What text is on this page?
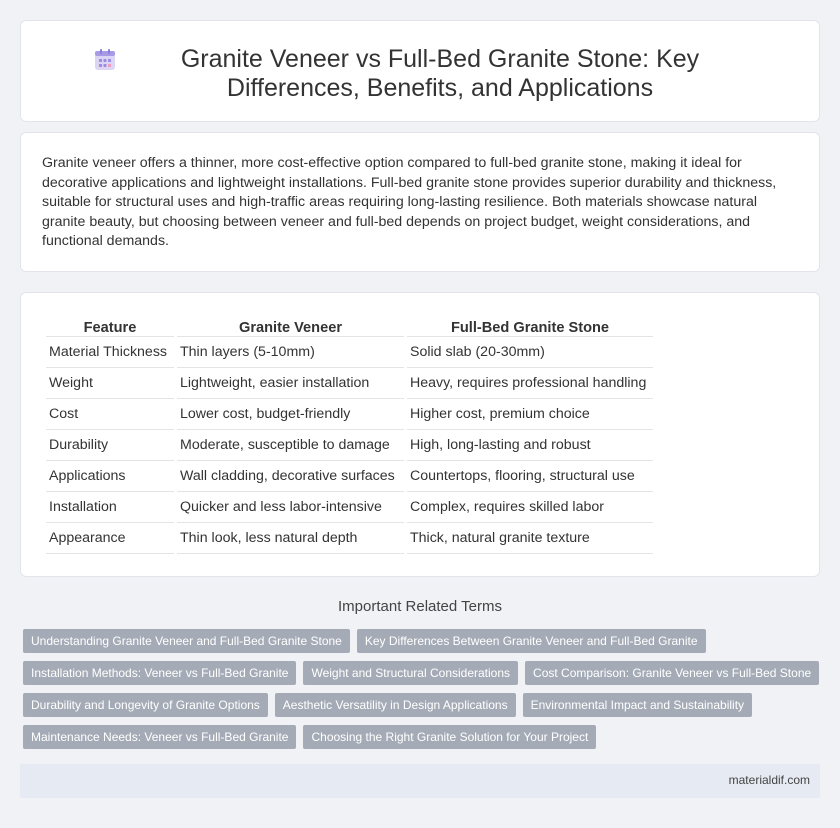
Granite Veneer vs Full-Bed Granite Stone: Key Differences, Benefits, and Applications

Granite veneer offers a thinner, more cost-effective option compared to full-bed granite stone, making it ideal for decorative applications and lightweight installations. Full-bed granite stone provides superior durability and thickness, suitable for structural uses and high-traffic areas requiring long-lasting resilience. Both materials showcase natural granite beauty, but choosing between veneer and full-bed depends on project budget, weight considerations, and functional demands.

Feature	Granite Veneer	Full-Bed Granite Stone
Material Thickness	Thin layers (5-10mm)	Solid slab (20-30mm)
Weight	Lightweight, easier installation	Heavy, requires professional handling
Cost	Lower cost, budget-friendly	Higher cost, premium choice
Durability	Moderate, susceptible to damage	High, long-lasting and robust
Applications	Wall cladding, decorative surfaces	Countertops, flooring, structural use
Installation	Quicker and less labor-intensive	Complex, requires skilled labor
Appearance	Thin look, less natural depth	Thick, natural granite texture
Important Related Terms
Understanding Granite Veneer and Full-Bed Granite Stone	Key Differences Between Granite Veneer and Full-Bed Granite
Installation Methods: Veneer vs Full-Bed Granite	Weight and Structural Considerations	Cost Comparison: Granite Veneer vs Full-Bed Stone
Durability and Longevity of Granite Options	Aesthetic Versatility in Design Applications	Environmental Impact and Sustainability
Maintenance Needs: Veneer vs Full-Bed Granite	Choosing the Right Granite Solution for Your Project
materialdif.com
